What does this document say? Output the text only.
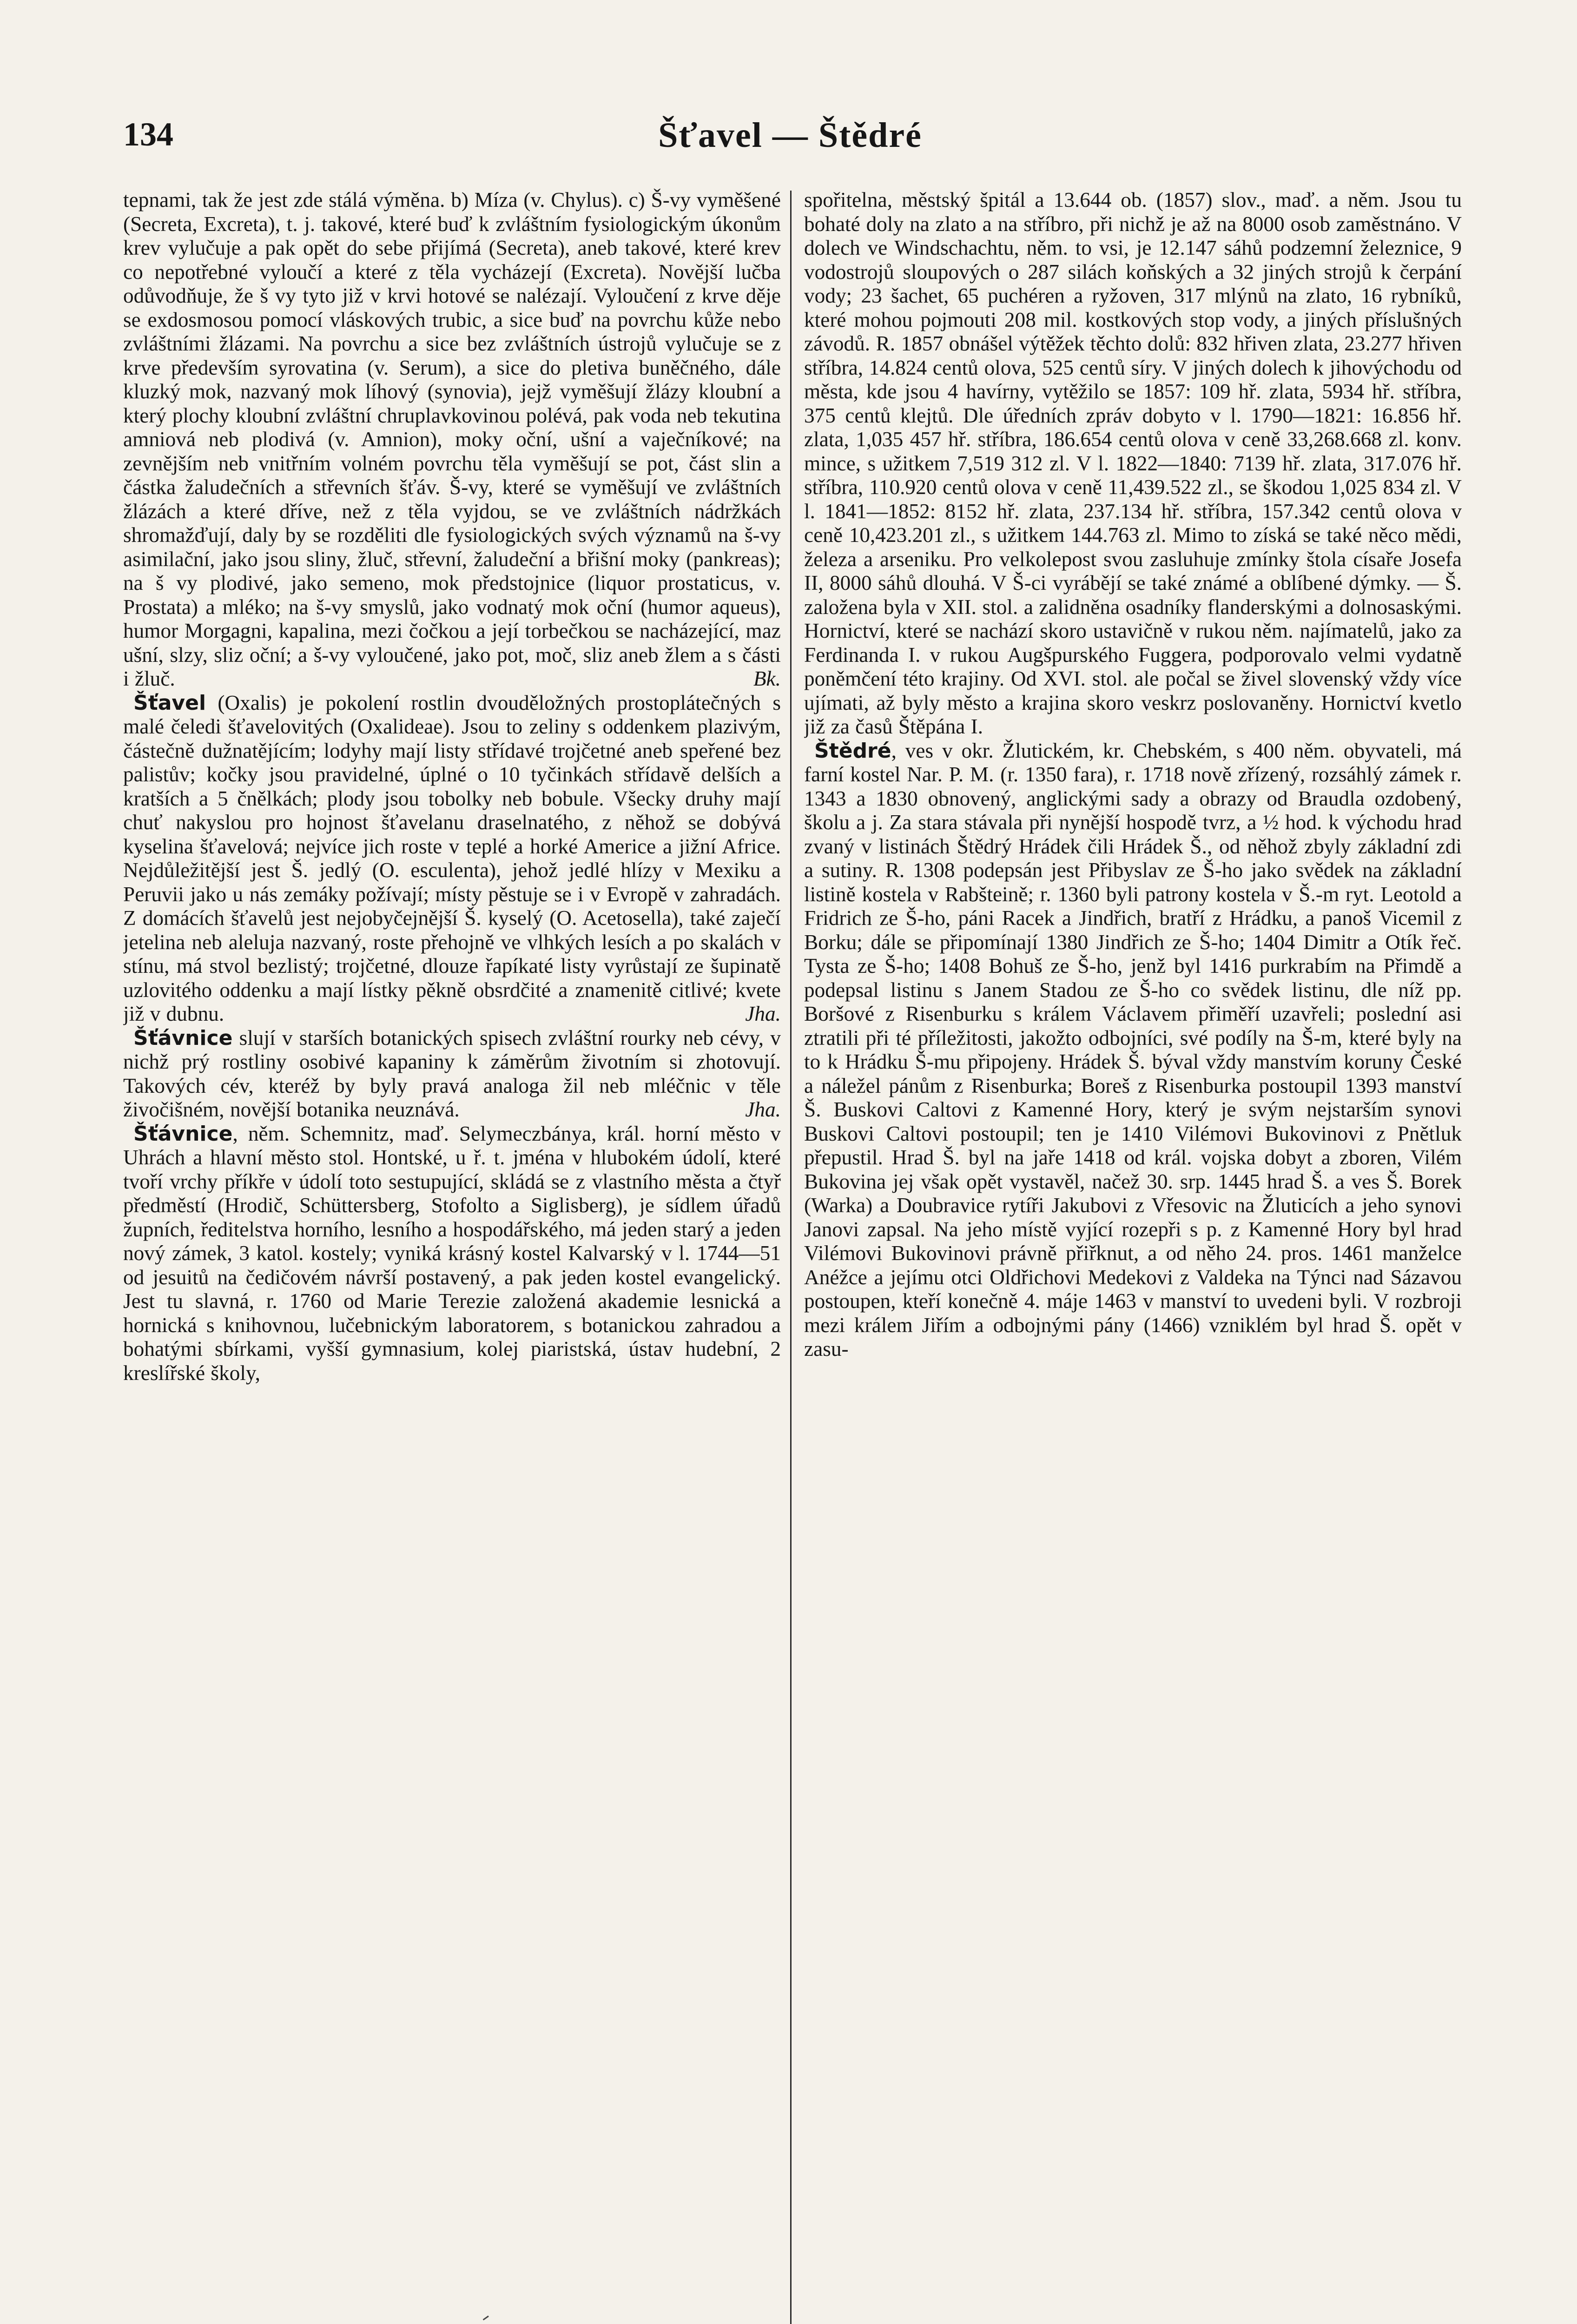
134	Šťavel — Štědré

tepnami, tak že jest zde stálá výměna. b) Míza (v. Chylus). c) Š-vy vyměšené (Secreta, Excreta), t. j. takové, které buď k zvláštním fysiologickým úkonům krev vylučuje a pak opět do sebe přijímá (Secreta), aneb takové, které krev co nepotřebné vyloučí a které z těla vycházejí (Excreta). Novější lučba odůvodňuje, že š vy tyto již v krvi hotové se nalézají. Vyloučení z krve děje se exdosmosou pomocí vláskových trubic, a sice buď na povrchu kůže nebo zvláštními žlázami. Na povrchu a sice bez zvláštních ústrojů vylučuje se z krve především syrovatina (v. Serum), a sice do pletiva buněčného, dále kluzký mok, nazvaný mok líhový (synovia), jejž vyměšují žlázy kloubní a který plochy kloubní zvláštní chruplavkovinou polévá, pak voda neb tekutina amniová neb plodivá (v. Amnion), moky oční, ušní a vaječníkové; na zevnějším neb vnitřním volném povrchu těla vyměšují se pot, část slin a částka žaludečních a střevních šťáv. Š-vy, které se vyměšují ve zvláštních žlázách a které dříve, než z těla vyjdou, se ve zvláštních nádržkách shromažďují, daly by se rozděliti dle fysiologických svých významů na š-vy asimilační, jako jsou sliny, žluč, střevní, žaludeční a břišní moky (pankreas); na š vy plodivé, jako semeno, mok předstojnice (liquor prostaticus, v. Prostata) a mléko; na š-vy smyslů, jako vodnatý mok oční (humor aqueus), humor Morgagni, kapalina, mezi čočkou a její torbečkou se nacházející, maz ušní, slzy, sliz oční; a š-vy vyloučené, jako pot, moč, sliz aneb žlem a s části i žluč.	Bk.

Šťavel (Oxalis) je pokolení rostlin dvouděložných prostoplátečných s malé čeledi šťavelovitých (Oxalideae). Jsou to zeliny s oddenkem plazivým, částečně dužnatějícím; lodyhy mají listy střídavé trojčetné aneb speřené bez palistův; kočky jsou pravidelné, úplné o 10 tyčinkách střídavě delších a kratších a 5 čnělkách; plody jsou tobolky neb bobule. Všecky druhy mají chuť nakyslou pro hojnost šťavelanu draselnatého, z něhož se dobývá kyselina šťavelová; nejvíce jich roste v teplé a horké Americe a jižní Africe. Nejdůležitější jest Š. jedlý (O. esculenta), jehož jedlé hlízy v Mexiku a Peruvii jako u nás zemáky požívají; místy pěstuje se i v Evropě v zahradách. Z domácích šťavelů jest nejobyčejnější Š. kyselý (O. Acetosella), také zaječí jetelina neb aleluja nazvaný, roste přehojně ve vlhkých lesích a po skalách v stínu, má stvol bezlistý; trojčetné, dlouze řapíkaté listy vyrůstají ze šupinatě uzlovitého oddenku a mají lístky pěkně obsrdčité a znamenitě citlivé; kvete již v dubnu.	Jha.

Šťávnice slují v starších botanických spisech zvláštní rourky neb cévy, v nichž prý rostliny osobivé kapaniny k záměrům životním si zhotovují. Takových cév, kteréž by byly pravá analoga žil neb mléčnic v těle živočišném, novější botanika neuznává.	Jha.

Šťávnice, něm. Schemnitz, maď. Selymeczbánya, král. horní město v Uhrách a hlavní město stol. Hontské, u ř. t. jména v hlubokém údolí, které tvoří vrchy příkře v údolí toto sestupující, skládá se z vlastního města a čtyř předměstí (Hrodič, Schüttersberg, Stofolto a Siglisberg), je sídlem úřadů župních, ředitelstva horního, lesního a hospodářského, má jeden starý a jeden nový zámek, 3 katol. kostely; vyniká krásný kostel Kalvarský v l. 1744—51 od jesuitů na čedičovém návrší postavený, a pak jeden kostel evangelický. Jest tu slavná, r. 1760 od Marie Terezie založená akademie lesnická a hornická s knihovnou, lučebnickým laboratorem, s botanickou zahradou a bohatými sbírkami, vyšší gymnasium, kolej piaristská, ústav hudební, 2 kreslířské školy,

spořitelna, městský špitál a 13.644 ob. (1857) slov., maď. a něm. Jsou tu bohaté doly na zlato a na stříbro, při nichž je až na 8000 osob zaměstnáno. V dolech ve Windschachtu, něm. to vsi, je 12.147 sáhů podzemní železnice, 9 vodostrojů sloupových o 287 silách koňských a 32 jiných strojů k čerpání vody; 23 šachet, 65 puchéren a ryžoven, 317 mlýnů na zlato, 16 rybníků, které mohou pojmouti 208 mil. kostkových stop vody, a jiných příslušných závodů. R. 1857 obnášel výtěžek těchto dolů: 832 hřiven zlata, 23.277 hřiven stříbra, 14.824 centů olova, 525 centů síry. V jiných dolech k jihovýchodu od města, kde jsou 4 havírny, vytěžilo se 1857: 109 hř. zlata, 5934 hř. stříbra, 375 centů klejtů. Dle úředních zpráv dobyto v l. 1790—1821: 16.856 hř. zlata, 1,035 457 hř. stříbra, 186.654 centů olova v ceně 33,268.668 zl. konv. mince, s užitkem 7,519 312 zl. V l. 1822—1840: 7139 hř. zlata, 317.076 hř. stříbra, 110.920 centů olova v ceně 11,439.522 zl., se škodou 1,025 834 zl. V l. 1841—1852: 8152 hř. zlata, 237.134 hř. stříbra, 157.342 centů olova v ceně 10,423.201 zl., s užitkem 144.763 zl. Mimo to získá se také něco mědi, železa a arseniku. Pro velkolepost svou zasluhuje zmínky štola císaře Josefa II, 8000 sáhů dlouhá. V Š-ci vyrábějí se také známé a oblíbené dýmky. — Š. založena byla v XII. stol. a zalidněna osadníky flanderskými a dolnosaskými. Hornictví, které se nachází skoro ustavičně v rukou něm. najímatelů, jako za Ferdinanda I. v rukou Augšpurského Fuggera, podporovalo velmi vydatně poněmčení této krajiny. Od XVI. stol. ale počal se živel slovenský vždy více ujímati, až byly město a krajina skoro veskrz poslovaněny. Hornictví kvetlo již za časů Štěpána I.

Štědré, ves v okr. Žlutickém, kr. Chebském, s 400 něm. obyvateli, má farní kostel Nar. P. M. (r. 1350 fara), r. 1718 nově zřízený, rozsáhlý zámek r. 1343 a 1830 obnovený, anglickými sady a obrazy od Braudla ozdobený, školu a j. Za stara stávala při nynější hospodě tvrz, a ½ hod. k východu hrad zvaný v listinách Štědrý Hrádek čili Hrádek Š., od něhož zbyly základní zdi a sutiny. R. 1308 podepsán jest Přibyslav ze Š-ho jako svědek na základní listině kostela v Rabšteině; r. 1360 byli patrony kostela v Š.-m ryt. Leotold a Fridrich ze Š-ho, páni Racek a Jindřich, bratří z Hrádku, a panoš Vicemil z Borku; dále se připomínají 1380 Jindřich ze Š-ho; 1404 Dimitr a Otík řeč. Tysta ze Š-ho; 1408 Bohuš ze Š-ho, jenž byl 1416 purkrabím na Přimdě a podepsal listinu s Janem Stadou ze Š-ho co svědek listinu, dle níž pp. Boršové z Risenburku s králem Václavem přiměří uzavřeli; poslední asi ztratili při té příležitosti, jakožto odbojníci, své podíly na Š-m, které byly na to k Hrádku Š-mu připojeny. Hrádek Š. býval vždy manstvím koruny České a náležel pánům z Risenburka; Boreš z Risenburka postoupil 1393 manství Š. Buskovi Caltovi z Kamenné Hory, který je svým nejstarším synovi Buskovi Caltovi postoupil; ten je 1410 Vilémovi Bukovinovi z Pnětluk přepustil. Hrad Š. byl na jaře 1418 od král. vojska dobyt a zboren, Vilém Bukovina jej však opět vystavěl, načež 30. srp. 1445 hrad Š. a ves Š. Borek (Warka) a Doubravice rytíři Jakubovi z Vřesovic na Žluticích a jeho synovi Janovi zapsal. Na jeho místě vyjící rozepři s p. z Kamenné Hory byl hrad Vilémovi Bukovinovi právně přiřknut, a od něho 24. pros. 1461 manželce Anéžce a jejímu otci Oldřichovi Medekovi z Valdeka na Týnci nad Sázavou postoupen, kteří konečně 4. máje 1463 v manství to uvedeni byli. V rozbroji mezi králem Jiřím a odbojnými pány (1466) vzniklém byl hrad Š. opět v zasu-
